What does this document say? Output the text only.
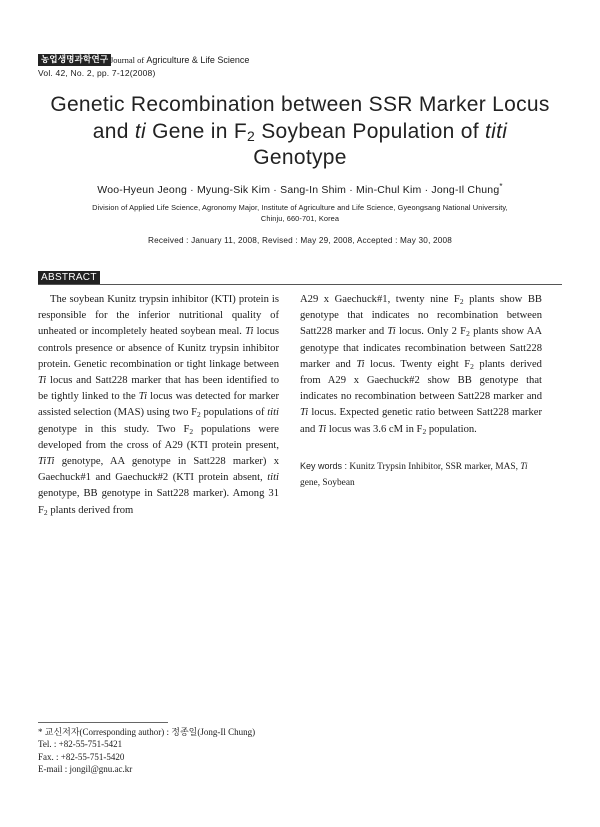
농업생명과학연구 Journal of Agriculture & Life Science
Vol. 42, No. 2, pp. 7-12(2008)
Genetic Recombination between SSR Marker Locus
and ti Gene in $F_2$ Soybean Population of titi
Genotype
Woo-Hyeun Jeong · Myung-Sik Kim · Sang-In Shim · Min-Chul Kim · Jong-Il Chung*
Division of Applied Life Science, Agronomy Major, Institute of Agriculture and Life Science, Gyeongsang National University,
Chinju, 660-701, Korea
Received : January 11, 2008, Revised : May 29, 2008, Accepted : May 30, 2008
ABSTRACT

The soybean Kunitz trypsin inhibitor (KTI) protein is responsible for the inferior nutritional quality of unheated or incompletely heated soybean meal. Ti locus controls presence or absence of Kunitz trypsin inhibitor protein. Genetic recombination or tight linkage between Ti locus and Satt228 marker that has been identified to be tightly linked to the Ti locus was detected for marker assisted selection (MAS) using two $F_2$ populations of titi genotype in this study. Two $F_2$ populations were developed from the cross of A29 (KTI protein present, TiTi genotype, AA genotype in Satt228 marker) x Gaechuck#1 and Gaechuck#2 (KTI protein absent, titi genotype, BB genotype in Satt228 marker). Among 31 $F_2$ plants derived from

A29 x Gaechuck#1, twenty nine $F_2$ plants show BB genotype that indicates no recombination between Satt228 marker and Ti locus. Only 2 $F_2$ plants show AA genotype that indicates recombination between Satt228 marker and Ti locus. Twenty eight $F_2$ plants derived from A29 x Gaechuck#2 show BB genotype that indicates no recombination between Satt228 marker and Ti locus. Expected genetic ratio between Satt228 marker and Ti locus was 3.6 cM in $F_2$ population.

Key words : Kunitz Trypsin Inhibitor, SSR marker, MAS, Ti gene, Soybean
* 교신저자(Corresponding author) : 정종일(Jong-Il Chung)
Tel. : +82-55-751-5421
Fax. : +82-55-751-5420
E-mail : jongil@gnu.ac.kr
